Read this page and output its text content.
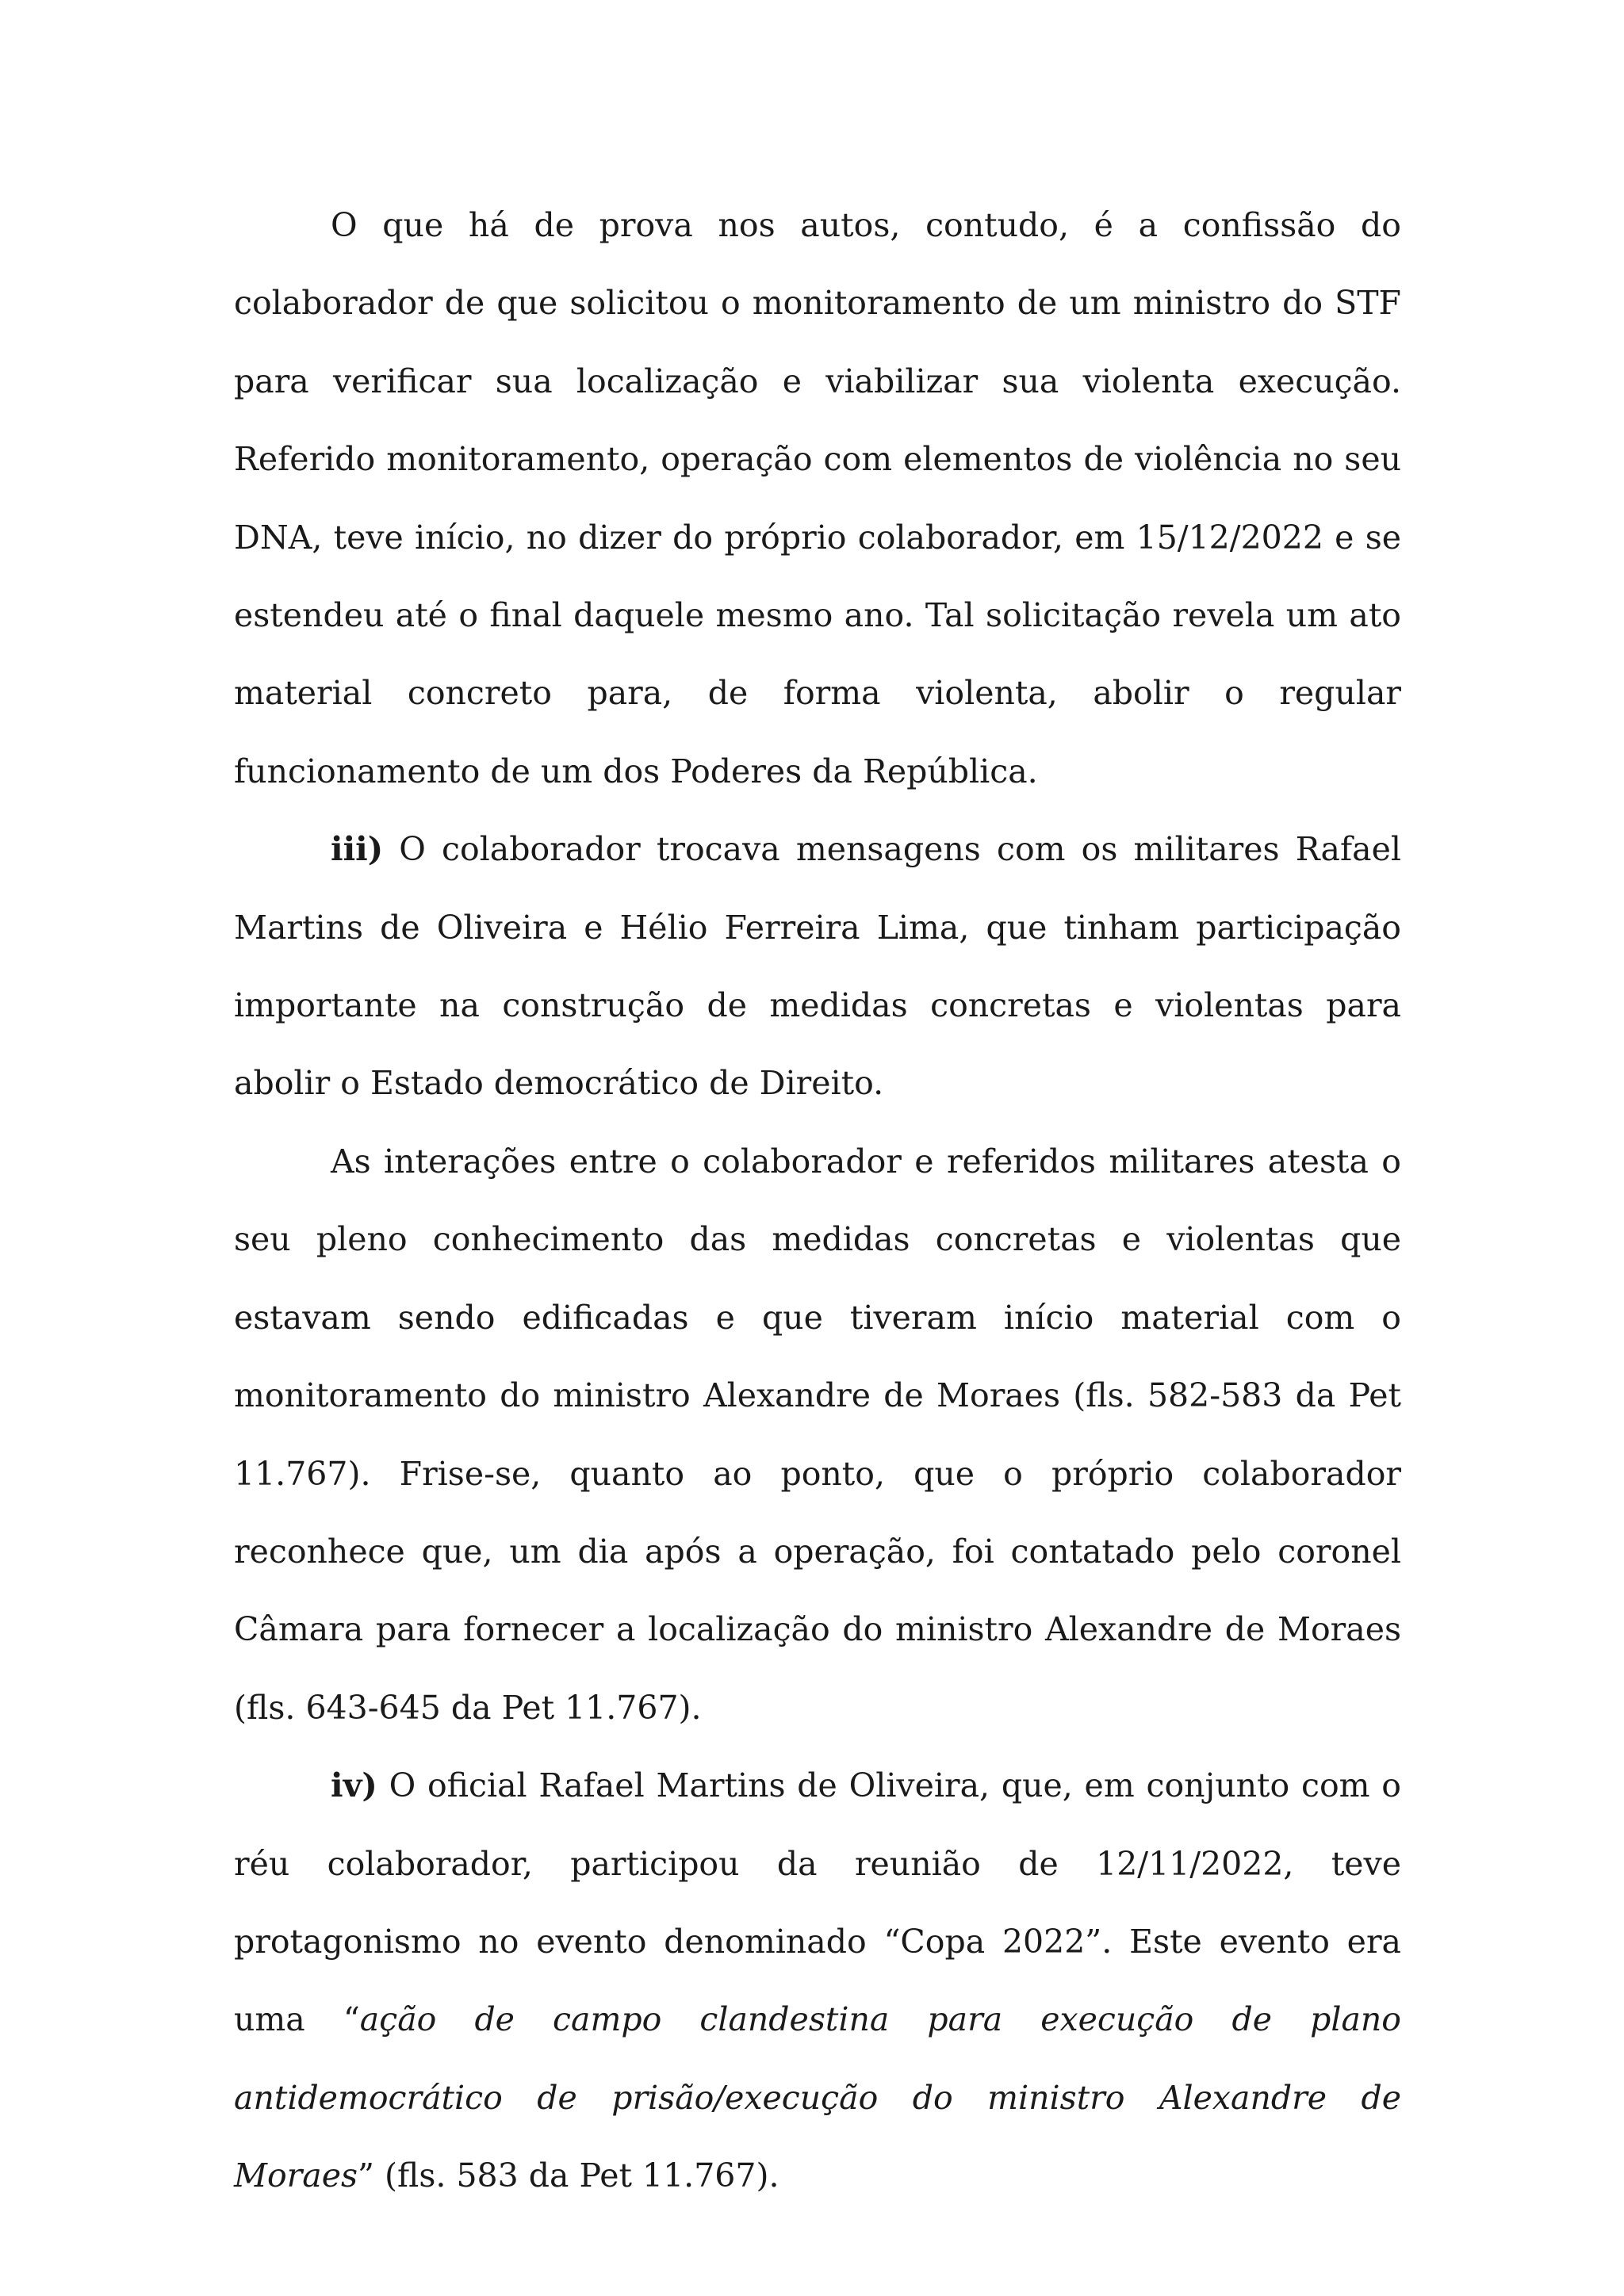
O que há de prova nos autos, contudo, é a confissão do colaborador de que solicitou o monitoramento de um ministro do STF para verificar sua localização e viabilizar sua violenta execução. Referido monitoramento, operação com elementos de violência no seu DNA, teve início, no dizer do próprio colaborador, em 15/12/2022 e se estendeu até o final daquele mesmo ano. Tal solicitação revela um ato material concreto para, de forma violenta, abolir o regular funcionamento de um dos Poderes da República.

iii) O colaborador trocava mensagens com os militares Rafael Martins de Oliveira e Hélio Ferreira Lima, que tinham participação importante na construção de medidas concretas e violentas para abolir o Estado democrático de Direito.

As interações entre o colaborador e referidos militares atesta o seu pleno conhecimento das medidas concretas e violentas que estavam sendo edificadas e que tiveram início material com o monitoramento do ministro Alexandre de Moraes (fls. 582-583 da Pet 11.767). Frise-se, quanto ao ponto, que o próprio colaborador reconhece que, um dia após a operação, foi contatado pelo coronel Câmara para fornecer a localização do ministro Alexandre de Moraes (fls. 643-645 da Pet 11.767).

iv) O oficial Rafael Martins de Oliveira, que, em conjunto com o réu colaborador, participou da reunião de 12/11/2022, teve protagonismo no evento denominado “Copa 2022”. Este evento era uma “ação de campo clandestina para execução de plano antidemocrático de prisão/execução do ministro Alexandre de Moraes” (fls. 583 da Pet 11.767).
